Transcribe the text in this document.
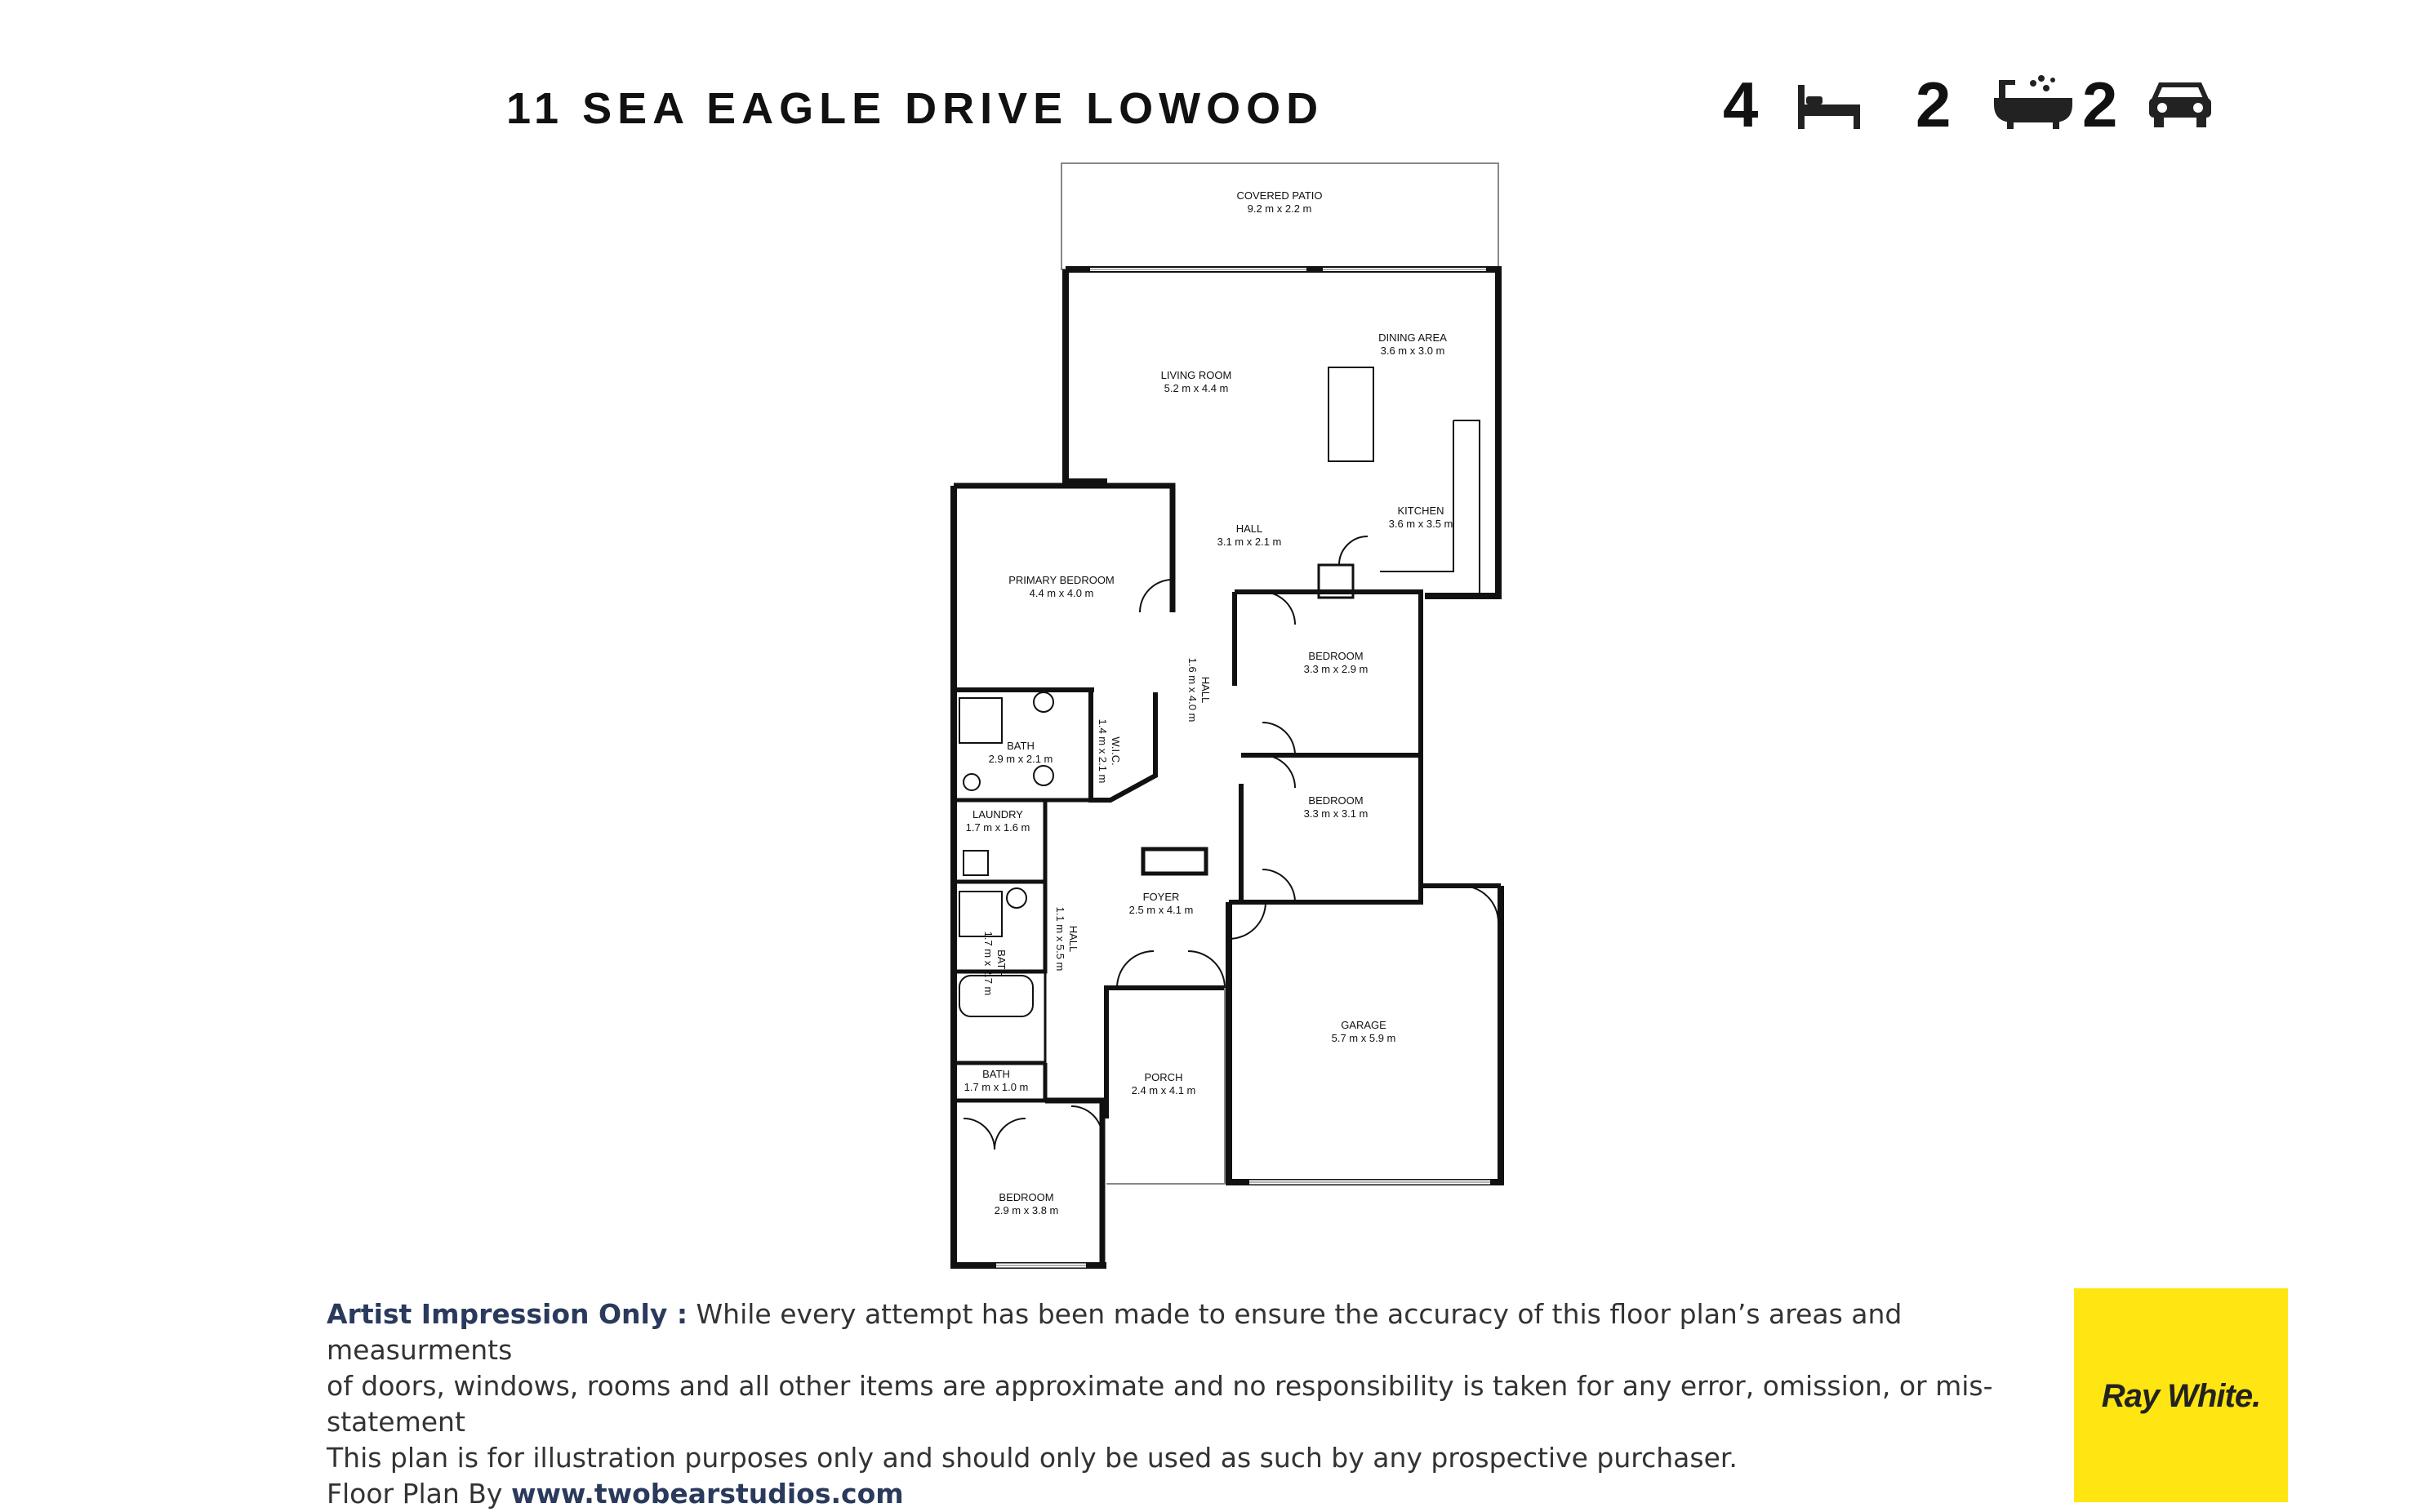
11 SEA EAGLE DRIVE LOWOOD	4 2 2
COVERED PATIO
9.2 m x 2.2 m
DINING AREA
3.6 m x 3.0 m
LIVING ROOM
5.2 m x 4.4 m
KITCHEN
3.6 m x 3.5 m
HALL
3.1 m x 2.1 m
PRIMARY BEDROOM
4.4 m x 4.0 m
HALL
1.6 m x 4.0 m
BEDROOM
3.3 m x 2.9 m
BATH
2.9 m x 2.1 m	W.I.C.
1.4 m x 2.1 m
BEDROOM
3.3 m x 3.1 m
LAUNDRY
1.7 m x 1.6 m
FOYER
2.5 m x 4.1 m
BATH
1.7 m x 2.7 m	HALL
1.1 m x 5.5 m
GARAGE
5.7 m x 5.9 m
BATH
1.7 m x 1.0 m
PORCH
2.4 m x 4.1 m
BEDROOM
2.9 m x 3.8 m
Artist Impression Only : While every attempt has been made to ensure the accuracy of this floor plan’s areas and measurments
of doors, windows, rooms and all other items are approximate and no responsibility is taken for any error, omission, or mis-statement
This plan is for illustration purposes only and should only be used as such by any prospective purchaser.
Floor Plan By www.twobearstudios.com
Ray White.
